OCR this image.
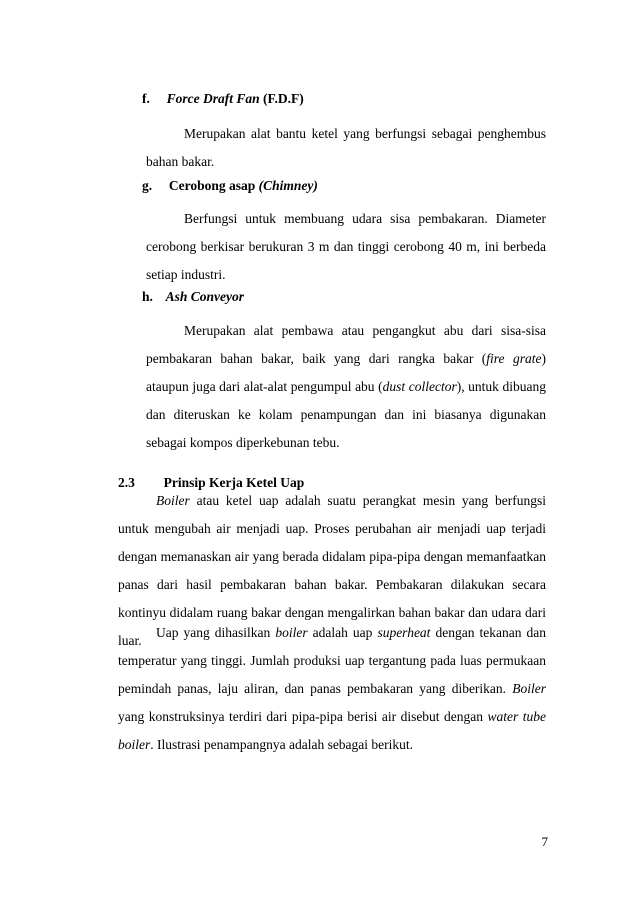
f. Force Draft Fan (F.D.F)
Merupakan alat bantu ketel yang berfungsi sebagai penghembus bahan bakar.
g. Cerobong asap (Chimney)
Berfungsi untuk membuang udara sisa pembakaran. Diameter cerobong berkisar berukuran 3 m dan tinggi cerobong 40 m, ini berbeda setiap industri.
h. Ash Conveyor
Merupakan alat pembawa atau pengangkut abu dari sisa-sisa pembakaran bahan bakar, baik yang dari rangka bakar (fire grate) ataupun juga dari alat-alat pengumpul abu (dust collector), untuk dibuang dan diteruskan ke kolam penampungan dan ini biasanya digunakan sebagai kompos diperkebunan tebu.
2.3 Prinsip Kerja Ketel Uap
Boiler atau ketel uap adalah suatu perangkat mesin yang berfungsi untuk mengubah air menjadi uap. Proses perubahan air menjadi uap terjadi dengan memanaskan air yang berada didalam pipa-pipa dengan memanfaatkan panas dari hasil pembakaran bahan bakar. Pembakaran dilakukan secara kontinyu didalam ruang bakar dengan mengalirkan bahan bakar dan udara dari luar.
Uap yang dihasilkan boiler adalah uap superheat dengan tekanan dan temperatur yang tinggi. Jumlah produksi uap tergantung pada luas permukaan pemindah panas, laju aliran, dan panas pembakaran yang diberikan. Boiler yang konstruksinya terdiri dari pipa-pipa berisi air disebut dengan water tube boiler. Ilustrasi penampangnya adalah sebagai berikut.
7
